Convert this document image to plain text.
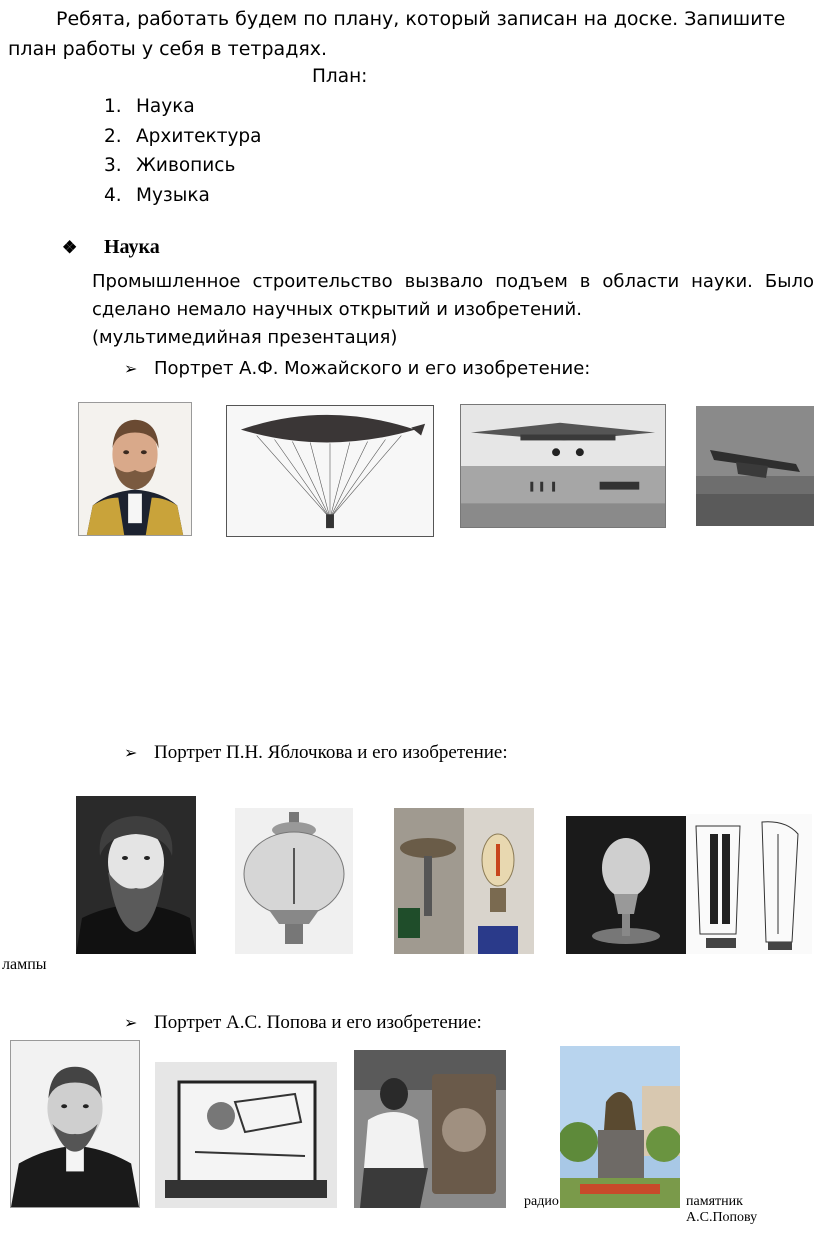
Ребята, работать будем по плану, который записан на доске. Запишите план работы у себя в тетрадях.
План:
1. Наука
2. Архитектура
3. Живопись
4. Музыка
❖ Наука
Промышленное строительство вызвало подъем в области науки. Было сделано немало научных открытий и изобретений.
(мультимедийная презентация)
➢ Портрет А.Ф. Можайского и его изобретение:
➢ Портрет П.Н. Яблочкова и его изобретение:
лампы
➢ Портрет А.С. Попова и его изобретение:
радио	памятник А.С.Попову
